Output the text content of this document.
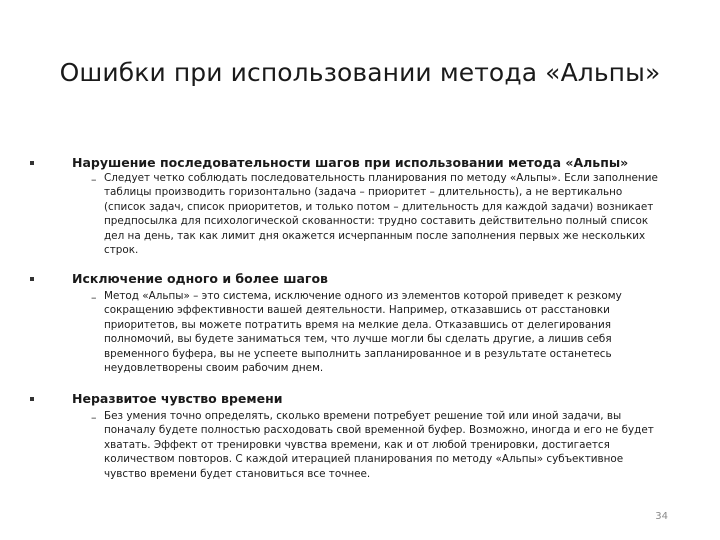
Ошибки при использовании метода «Альпы»
Нарушение последовательности шагов при использовании метода «Альпы»
– Следует четко соблюдать последовательность планирования по методу «Альпы». Если заполнение таблицы производить горизонтально (задача – приоритет – длительность), а не вертикально (список задач, список приоритетов, и только потом – длительность для каждой задачи) возникает предпосылка для психологической скованности: трудно составить действительно полный список дел на день, так как лимит дня окажется исчерпанным после заполнения первых же нескольких строк.

Исключение одного и более шагов
– Метод «Альпы» – это система, исключение одного из элементов которой приведет к резкому сокращению эффективности вашей деятельности. Например, отказавшись от расстановки приоритетов, вы можете потратить время на мелкие дела. Отказавшись от делегирования полномочий, вы будете заниматься тем, что лучше могли бы сделать другие, а лишив себя временного буфера, вы не успеете выполнить запланированное и в результате останетесь неудовлетворены своим рабочим днем.

Неразвитое чувство времени
– Без умения точно определять, сколько времени потребует решение той или иной задачи, вы поначалу будете полностью расходовать свой временной буфер. Возможно, иногда и его не будет хватать. Эффект от тренировки чувства времени, как и от любой тренировки, достигается количеством повторов. С каждой итерацией планирования по методу «Альпы» субъективное чувство времени будет становиться все точнее.

34
